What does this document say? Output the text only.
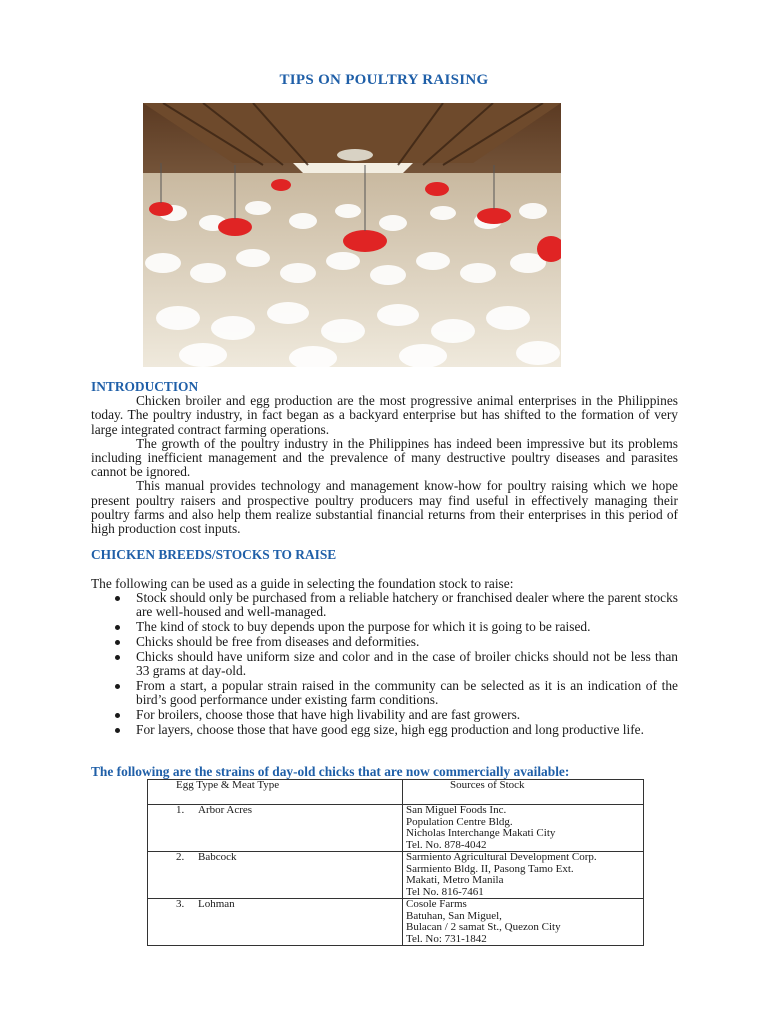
TIPS ON POULTRY RAISING
INTRODUCTION

Chicken broiler and egg production are the most progressive animal enterprises in the Philippines today. The poultry industry, in fact began as a backyard enterprise but has shifted to the formation of very large integrated contract farming operations.

The growth of the poultry industry in the Philippines has indeed been impressive but its problems including inefficient management and the prevalence of many destructive poultry diseases and parasites cannot be ignored.

This manual provides technology and management know-how for poultry raising which we hope present poultry raisers and prospective poultry producers may find useful in effectively managing their poultry farms and also help them realize substantial financial returns from their enterprises in this period of high production cost inputs.

CHICKEN BREEDS/STOCKS TO RAISE

The following can be used as a guide in selecting the foundation stock to raise:

Stock should only be purchased from a reliable hatchery or franchised dealer where the parent stocks are well-housed and well-managed.
The kind of stock to buy depends upon the purpose for which it is going to be raised.
Chicks should be free from diseases and deformities.
Chicks should have uniform size and color and in the case of broiler chicks should not be less than 33 grams at day-old.
From a start, a popular strain raised in the community can be selected as it is an indication of the bird’s good performance under existing farm conditions.
For broilers, choose those that have high livability and are fast growers.
For layers, choose those that have good egg size, high egg production and long productive life.
The following are the strains of day-old chicks that are now commercially available:
Egg Type & Meat Type	Sources of Stock
1. Arbor Acres	San Miguel Foods Inc.
Population Centre Bldg.
Nicholas Interchange Makati City
Tel. No. 878-4042

2. Babcock	Sarmiento Agricultural Development Corp.
Sarmiento Bldg. II, Pasong Tamo Ext.
Makati, Metro Manila
Tel No. 816-7461

3. Lohman	Cosole Farms
Batuhan, San Miguel,
Bulacan / 2 samat St., Quezon City
Tel. No: 731-1842
